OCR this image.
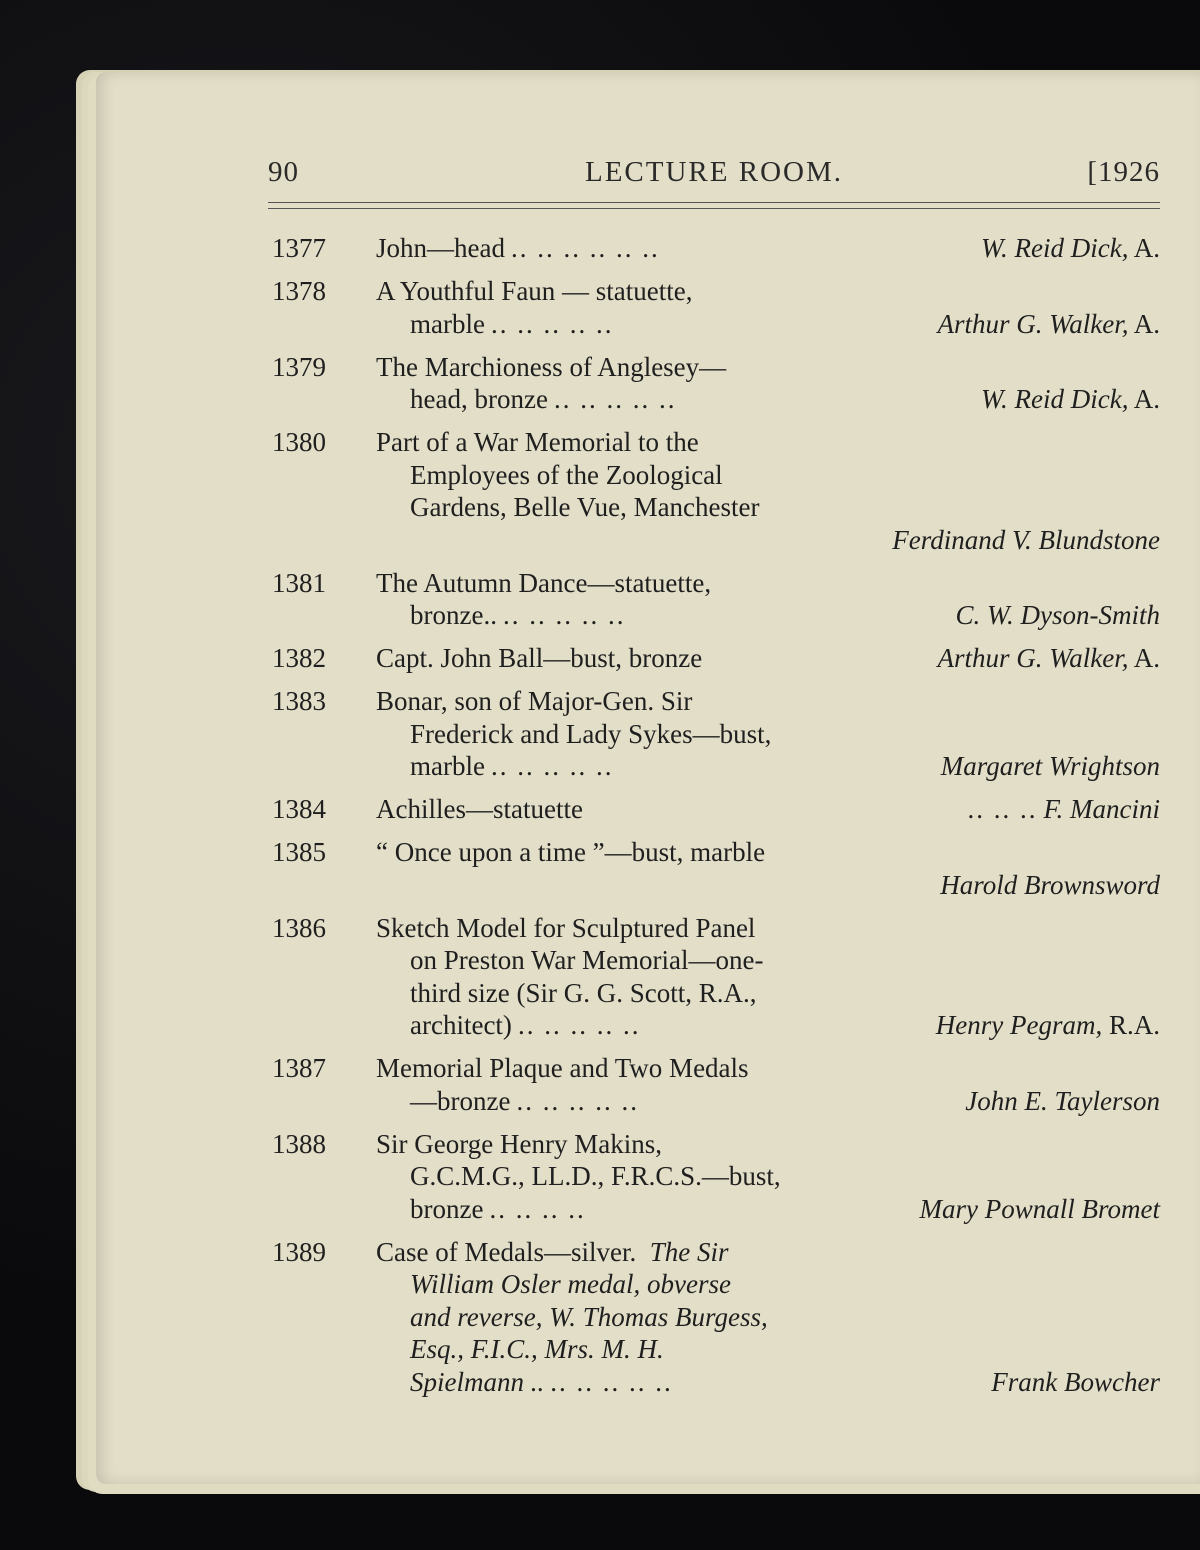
90	LECTURE ROOM.	[1926
1377	John—head .. .. .. .. .. ..	W. Reid Dick, A.
1378	A Youthful Faun — statuette,
marble .. .. .. .. ..	Arthur G. Walker, A.
1379	The Marchioness of Anglesey—
head, bronze .. .. .. .. ..	W. Reid Dick, A.
1380	Part of a War Memorial to the
Employees of the Zoological
Gardens, Belle Vue, Manchester
Ferdinand V. Blundstone
1381	The Autumn Dance—statuette,
bronze.. .. .. .. .. ..	C. W. Dyson-Smith
1382	Capt. John Ball—bust, bronze	Arthur G. Walker, A.
1383	Bonar, son of Major-Gen. Sir
Frederick and Lady Sykes—bust,
marble .. .. .. .. ..	Margaret Wrightson
1384	Achilles—statuette	.. .. .. F. Mancini
1385	“ Once upon a time ”—bust, marble
Harold Brownsword
1386	Sketch Model for Sculptured Panel
on Preston War Memorial—one-
third size (Sir G. G. Scott, R.A.,
architect) .. .. .. .. ..	Henry Pegram, R.A.
1387	Memorial Plaque and Two Medals
—bronze .. .. .. .. ..	John E. Taylerson
1388	Sir George Henry Makins,
G.C.M.G., LL.D., F.R.C.S.—bust,
bronze .. .. .. ..	Mary Pownall Bromet
1389	Case of Medals—silver. The Sir
William Osler medal, obverse
and reverse, W. Thomas Burgess,
Esq., F.I.C., Mrs. M. H.
Spielmann .. .. .. .. .. ..	Frank Bowcher
